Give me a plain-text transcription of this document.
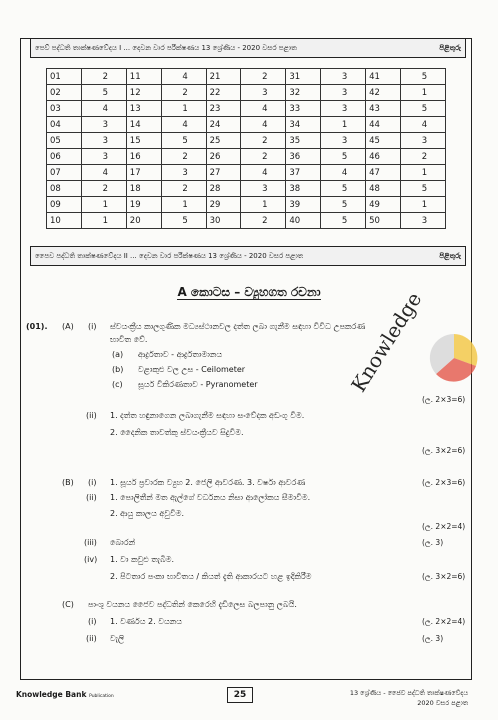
පෙව් පද්ධති තාක්ෂණවේදය I ... දෙවන වාර පරීක්ෂණය 13 ශ්‍රේණිය - 2020 වසර පළාත	පිළිතුරු
01	2	11	4	21	2	31	3	41	5
02	5	12	2	22	3	32	3	42	1
03	4	13	1	23	4	33	3	43	5
04	3	14	4	24	4	34	1	44	4
05	3	15	5	25	2	35	3	45	3
06	3	16	2	26	2	36	5	46	2
07	4	17	3	27	4	37	4	47	1
08	2	18	2	28	3	38	5	48	5
09	1	19	1	29	1	39	5	49	1
10	1	20	5	30	2	40	5	50	3
පෛව පද්ධති තාක්ෂණවේදය II ... දෙවන වාර පරීක්ෂණය 13 ශ්‍රේණිය - 2020 වසර පළාත	පිළිතුරු
A කොටස – ව්‍යුහගත රචනා
(01). (A) (i) ස්වයංක්‍රීය කාලගුණික මධ්‍යස්ථානවල දත්ත ලබා ගැනීම සඳහා විවිධ උපකරණ
භාවිත වේ.
(a) ආර්ද්‍රතාව - ආර්ද්‍රතාමානය
(b) වළාකුළු වල උස - Ceilometer
(c) සූර්ය විකිරණතාව - Pyranometer
(ල. 2×3=6)
(ii) 1. දත්ත හඳුනාගෙන ලබාගැනීම සඳහා සංවේදක අඩංගු වීම.
2. දෛනික තාවත්කු ස්වයංක්‍රීයව සිදුවීම.
(ල. 3×2=6)
(B) (i) 1. සූර්ය ප්‍රවාරක ව්‍යුහ 2. ජෙලි ආවරණ. 3. වර්ෂා ආවරණ	(ල. 2×3=6)
(ii) 1. පොලිතීන් මත ඇල්ගේ වර්ධනය නිසා ආලෝකය සීමාවීම.
2. ආයු කාලය අවුවීම.
(ල. 2×2=4)
(iii) බොරන්	(ල. 3)
(iv) 1. වා කවුළු තැබීම.
2. පිටතාර පංකා භාවිතය / කියත් දැති ආකාරයට හළ ඉදිකිරීම	(ල. 3×2=6)
(C) පාංශු වයනය ජෛව පද්ධතින් කෙරෙහි දැඩිලෙස බලපානු ලබයි.
(i) 1. වර්ණය 2. වයනය	(ල. 2×2=4)
(ii) වැලි	(ල. 3)
Knowledge
Knowledge Bank Publication	25	13 ශ්‍රේණිය - ජෛව පද්ධති තාක්ෂණවේදය
2020 වසර පළාත
